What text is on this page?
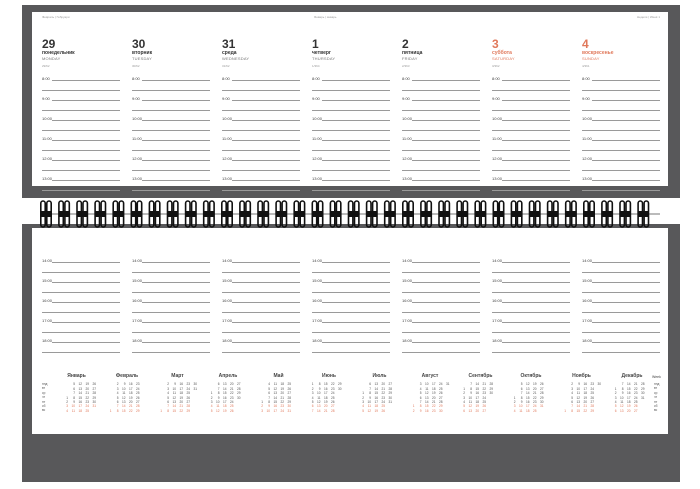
Февраль | Гебруари	Январь | январь	Неделя | Week 1
29
понедельник
MONDAY
29/62
30
вторник
TUESDAY
30/62
31
среда
WEDNESDAY
31/62
1
четверг
THURSDAY
1/364
2
пятница
FRIDAY
2/363
3
суббота
SATURDAY
3/362
4
воскресенье
SUNDAY
4/361
8:00	8:00	8:00	8:00	8:00	8:00	8:00
9:00	9:00	9:00	9:00	9:00	9:00	9:00
10:00	10:00	10:00	10:00	10:00	10:00	10:00
11:00	11:00	11:00	11:00	11:00	11:00	11:00
12:00	12:00	12:00	12:00	12:00	12:00	12:00
13:00	13:00	13:00	13:00	13:00	13:00	13:00
14:00	14:00	14:00	14:00	14:00	14:00	14:00
15:00	15:00	15:00	15:00	15:00	15:00	15:00
16:00	16:00	16:00	16:00	16:00	16:00	16:00
17:00	17:00	17:00	17:00	17:00	17:00	17:00
18:00	18:00	18:00	18:00	18:00	18:00	18:00
пнд
вт
ср
чт
пт
сб
вс
Январь
5	12	19	26
6	13	20	27
7	14	21	28
1	8	15	22	29
2	9	16	23	30
3	10	17	24	31
4	11	18	25
Февраль
2	9	16	23
3	10	17	24
4	11	18	25
5	12	19	26
6	13	20	27
7	14	21	28
1	8	15	22	29
Март
2	9	16	23	30
3	10	17	24	31
4	11	18	25
5	12	19	26
6	13	20	27
7	14	21	28
1	8	15	22	29
Апрель
6	13	20	27
7	14	21	28
1	8	15	22	29
2	9	16	23	30
3	10	17	24
4	11	18	25
5	12	19	26
Май
4	11	18	25
5	12	19	26
6	13	20	27
7	14	21	28
1	8	15	22	29
2	9	16	23	30
3	10	17	24	31
Июнь
1	8	15	22	29
2	9	16	23	30
3	10	17	24
4	11	18	25
5	12	19	26
6	13	20	27
7	14	21	28
Июль
6	13	20	27
7	14	21	28
1	8	15	22	29
2	9	16	23	30
3	10	17	24	31
4	11	18	25
5	12	19	26
Август
3	10	17	24	31
4	11	18	25
5	12	19	26
6	13	20	27
7	14	21	28
1	8	15	22	29
2	9	16	23	30
Сентябрь
7	14	21	28
1	8	15	22	29
2	9	16	23	30
3	10	17	24
4	11	18	25
5	12	19	26
6	13	20	27
Октябрь
5	12	19	26
6	13	20	27
7	14	21	28
1	8	15	22	29
2	9	16	23	30
3	10	17	24	31
4	11	18	25
Ноябрь
2	9	16	23	30
3	10	17	24
4	11	18	25
5	12	19	26
6	13	20	27
7	14	21	28
1	8	15	22	29
Декабрь
7	14	21	28
1	8	15	22	29
2	9	16	23	30
3	10	17	24	31
4	11	18	25
5	12	19	26
6	13	20	27
пнд
вт
ср
чт
пт
сб
вс
Week
